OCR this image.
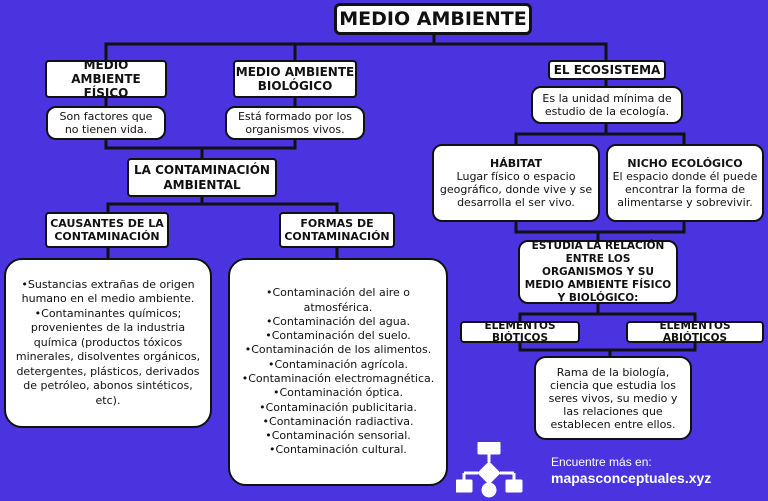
MEDIO AMBIENTE
MEDIO AMBIENTE FÍSICO
Son factores que no tienen vida.
MEDIO AMBIENTE BIOLÓGICO
Está formado por los organismos vivos.
LA CONTAMINACIÓN AMBIENTAL
CAUSANTES DE LA CONTAMINACIÓN
•Sustancias extrañas de origen humano en el medio ambiente.
•Contaminantes químicos; provenientes de la industria química (productos tóxicos minerales, disolventes orgánicos, detergentes, plásticos, derivados de petróleo, abonos sintéticos, etc).
FORMAS DE CONTAMINACIÓN
•Contaminación del aire o atmosférica.
•Contaminación del agua.
•Contaminación del suelo.
•Contaminación de los alimentos.
•Contaminación agrícola.
•Contaminación electromagnética.
•Contaminación óptica.
•Contaminación publicitaria.
•Contaminación radiactiva.
•Contaminación sensorial.
•Contaminación cultural.
EL ECOSISTEMA
Es la unidad mínima de estudio de la ecología.
HÁBITAT
Lugar físico o espacio geográfico, donde vive y se desarrolla el ser vivo.
NICHO ECOLÓGICO
El espacio donde él puede encontrar la forma de alimentarse y sobrevivir.
ESTUDIA LA RELACIÓN ENTRE LOS ORGANISMOS Y SU MEDIO AMBIENTE FÍSICO Y BIOLÓGICO:
ELEMENTOS BIÓTICOS
ELEMENTOS ABIÓTICOS
Rama de la biología, ciencia que estudia los seres vivos, su medio y las relaciones que establecen entre ellos.
Encuentre más en:
mapasconceptuales.xyz
